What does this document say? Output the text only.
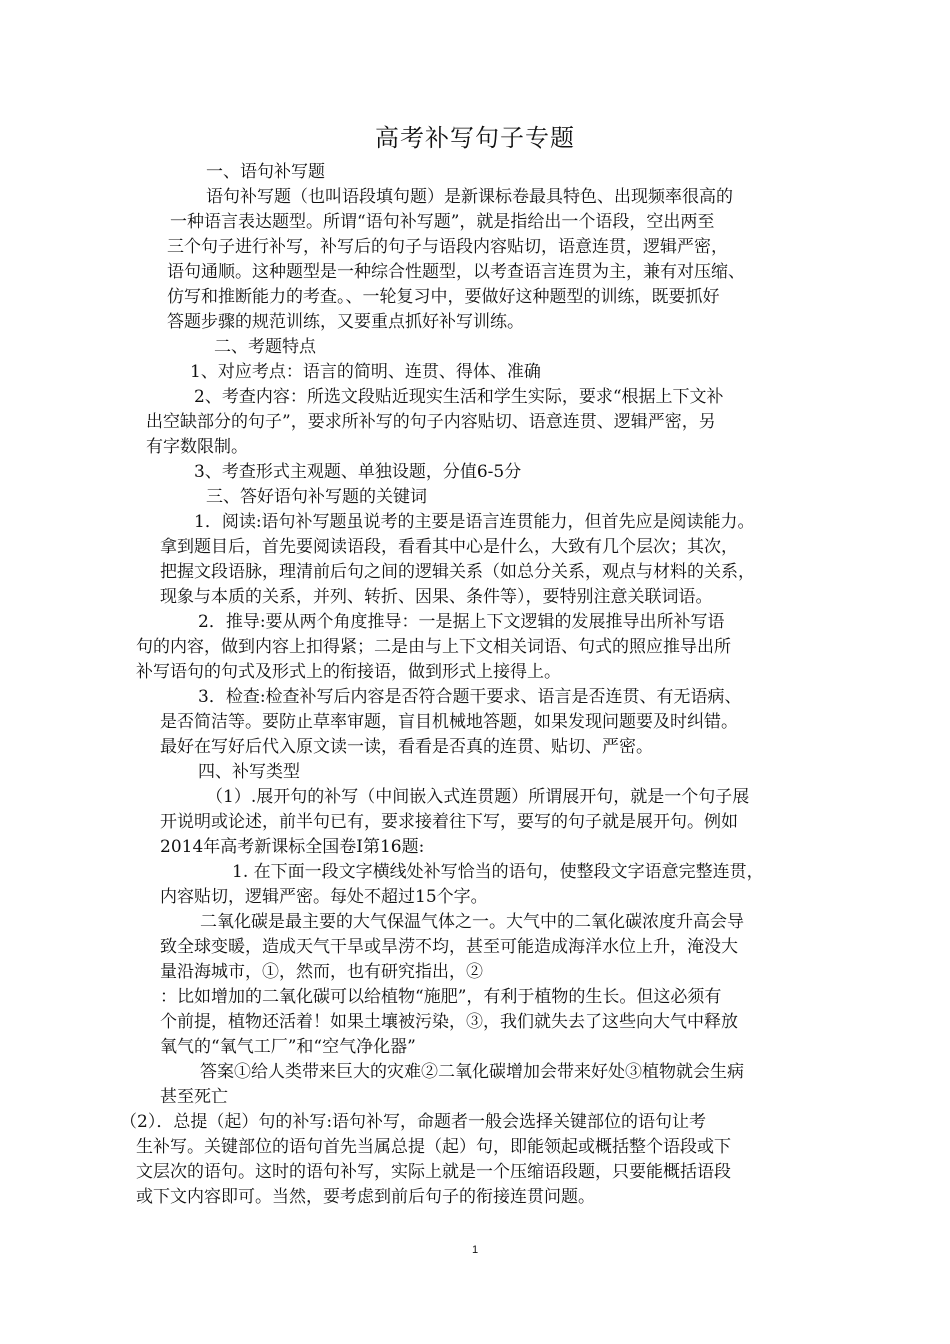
高考补写句子专题
一、语句补写题
语句补写题（也叫语段填句题）是新课标卷最具特色、出现频率很高的
一种语言表达题型。所谓“语句补写题”，就是指给出一个语段，空出两至
三个句子进行补写，补写后的句子与语段内容贴切，语意连贯，逻辑严密，
语句通顺。这种题型是一种综合性题型，以考查语言连贯为主，兼有对压缩、
仿写和推断能力的考查。、一轮复习中，要做好这种题型的训练，既要抓好
答题步骤的规范训练，又要重点抓好补写训练。
二、考题特点
1、对应考点：语言的简明、连贯、得体、准确
2、考查内容：所选文段贴近现实生活和学生实际，要求“根据上下文补
出空缺部分的句子”，要求所补写的句子内容贴切、语意连贯、逻辑严密，另
有字数限制。
3、考查形式主观题、单独设题，分值6-5分
三、答好语句补写题的关键词
1．阅读:语句补写题虽说考的主要是语言连贯能力，但首先应是阅读能力。
拿到题目后，首先要阅读语段，看看其中心是什么，大致有几个层次；其次，
把握文段语脉，理清前后句之间的逻辑关系（如总分关系，观点与材料的关系，
现象与本质的关系，并列、转折、因果、条件等），要特别注意关联词语。
2．推导:要从两个角度推导：一是据上下文逻辑的发展推导出所补写语
句的内容，做到内容上扣得紧；二是由与上下文相关词语、句式的照应推导出所
补写语句的句式及形式上的衔接语，做到形式上接得上。
3．检查:检查补写后内容是否符合题干要求、语言是否连贯、有无语病、
是否简洁等。要防止草率审题，盲目机械地答题，如果发现问题要及时纠错。
最好在写好后代入原文读一读，看看是否真的连贯、贴切、严密。
四、补写类型
（1）.展开句的补写（中间嵌入式连贯题）所谓展开句，就是一个句子展
开说明或论述，前半句已有，要求接着往下写，要写的句子就是展开句。例如
2014年高考新课标全国卷Ⅰ第16题:
1. 在下面一段文字横线处补写恰当的语句，使整段文字语意完整连贯，
内容贴切，逻辑严密。每处不超过15个字。
二氧化碳是最主要的大气保温气体之一。大气中的二氧化碳浓度升高会导
致全球变暖，造成天气干旱或旱涝不均，甚至可能造成海洋水位上升，淹没大
量沿海城市，①，然而，也有研究指出，②
：比如增加的二氧化碳可以给植物“施肥”，有利于植物的生长。但这必须有
个前提，植物还活着！如果土壤被污染，③，我们就失去了这些向大气中释放
氧气的“氧气工厂”和“空气净化器”
答案①给人类带来巨大的灾难②二氧化碳增加会带来好处③植物就会生病
甚至死亡
（2）．总提（起）句的补写:语句补写，命题者一般会选择关键部位的语句让考
生补写。关键部位的语句首先当属总提（起）句，即能领起或概括整个语段或下
文层次的语句。这时的语句补写，实际上就是一个压缩语段题，只要能概括语段
或下文内容即可。当然，要考虑到前后句子的衔接连贯问题。
1
